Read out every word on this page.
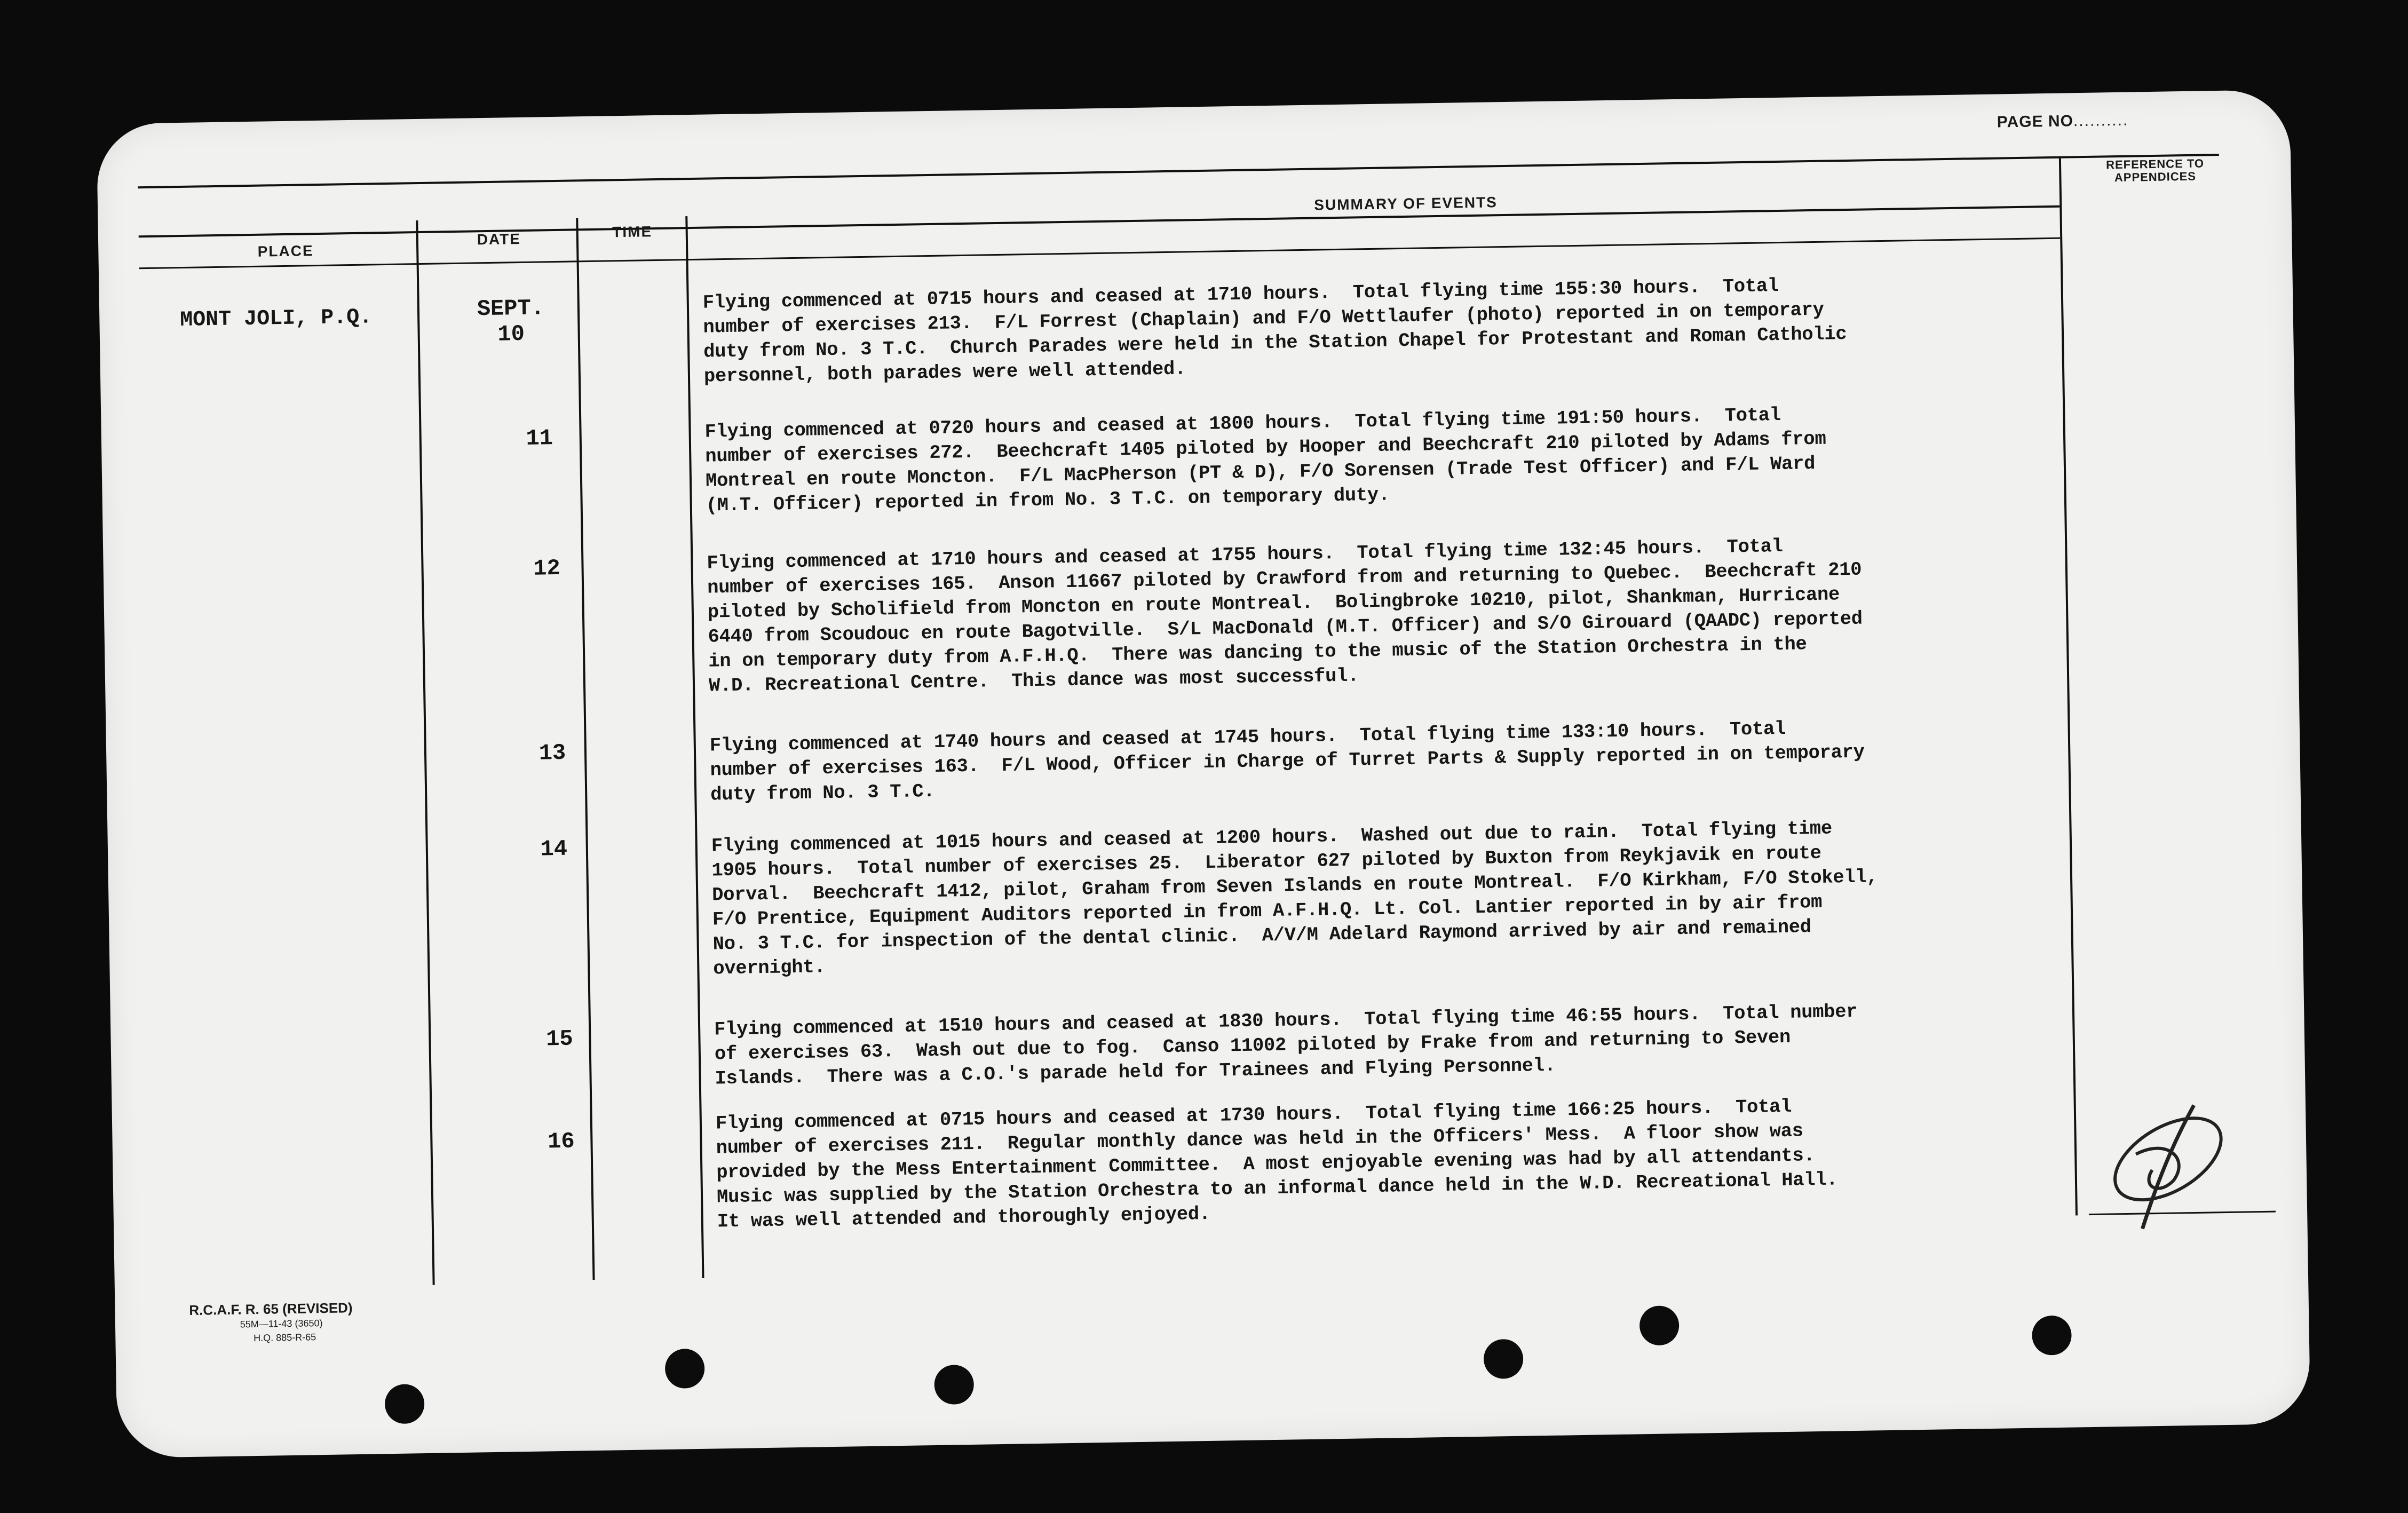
PAGE NO..........
PLACE
DATE	TIME
SUMMARY OF EVENTS
REFERENCE TO APPENDICES
MONT JOLI, P.Q.	SEPT. 10
11
12
13
14
15
16
Flying commenced at 0715 hours and ceased at 1710 hours.  Total flying time 155:30 hours.  Total
number of exercises 213.  F/L Forrest (Chaplain) and F/O Wettlaufer (photo) reported in on temporary
duty from No. 3 T.C.  Church Parades were held in the Station Chapel for Protestant and Roman Catholic
personnel, both parades were well attended.
Flying commenced at 0720 hours and ceased at 1800 hours.  Total flying time 191:50 hours.  Total
number of exercises 272.  Beechcraft 1405 piloted by Hooper and Beechcraft 210 piloted by Adams from
Montreal en route Moncton.  F/L MacPherson (PT & D), F/O Sorensen (Trade Test Officer) and F/L Ward
(M.T. Officer) reported in from No. 3 T.C. on temporary duty.
Flying commenced at 1710 hours and ceased at 1755 hours.  Total flying time 132:45 hours.  Total
number of exercises 165.  Anson 11667 piloted by Crawford from and returning to Quebec.  Beechcraft 210
piloted by Scholifield from Moncton en route Montreal.  Bolingbroke 10210, pilot, Shankman, Hurricane
6440 from Scoudouc en route Bagotville.  S/L MacDonald (M.T. Officer) and S/O Girouard (QAADC) reported
in on temporary duty from A.F.H.Q.  There was dancing to the music of the Station Orchestra in the
W.D. Recreational Centre.  This dance was most successful.
Flying commenced at 1740 hours and ceased at 1745 hours.  Total flying time 133:10 hours.  Total
number of exercises 163.  F/L Wood, Officer in Charge of Turret Parts & Supply reported in on temporary
duty from No. 3 T.C.
Flying commenced at 1015 hours and ceased at 1200 hours.  Washed out due to rain.  Total flying time
1905 hours.  Total number of exercises 25.  Liberator 627 piloted by Buxton from Reykjavik en route
Dorval.  Beechcraft 1412, pilot, Graham from Seven Islands en route Montreal.  F/O Kirkham, F/O Stokell,
F/O Prentice, Equipment Auditors reported in from A.F.H.Q. Lt. Col. Lantier reported in by air from
No. 3 T.C. for inspection of the dental clinic.  A/V/M Adelard Raymond arrived by air and remained
overnight.
Flying commenced at 1510 hours and ceased at 1830 hours.  Total flying time 46:55 hours.  Total number
of exercises 63.  Wash out due to fog.  Canso 11002 piloted by Frake from and returning to Seven
Islands.  There was a C.O.'s parade held for Trainees and Flying Personnel.
Flying commenced at 0715 hours and ceased at 1730 hours.  Total flying time 166:25 hours.  Total
number of exercises 211.  Regular monthly dance was held in the Officers' Mess.  A floor show was
provided by the Mess Entertainment Committee.  A most enjoyable evening was had by all attendants.
Music was supplied by the Station Orchestra to an informal dance held in the W.D. Recreational Hall.
It was well attended and thoroughly enjoyed.
R.C.A.F. R. 65 (REVISED)
55M—11-43 (3650)
H.Q. 885-R-65
